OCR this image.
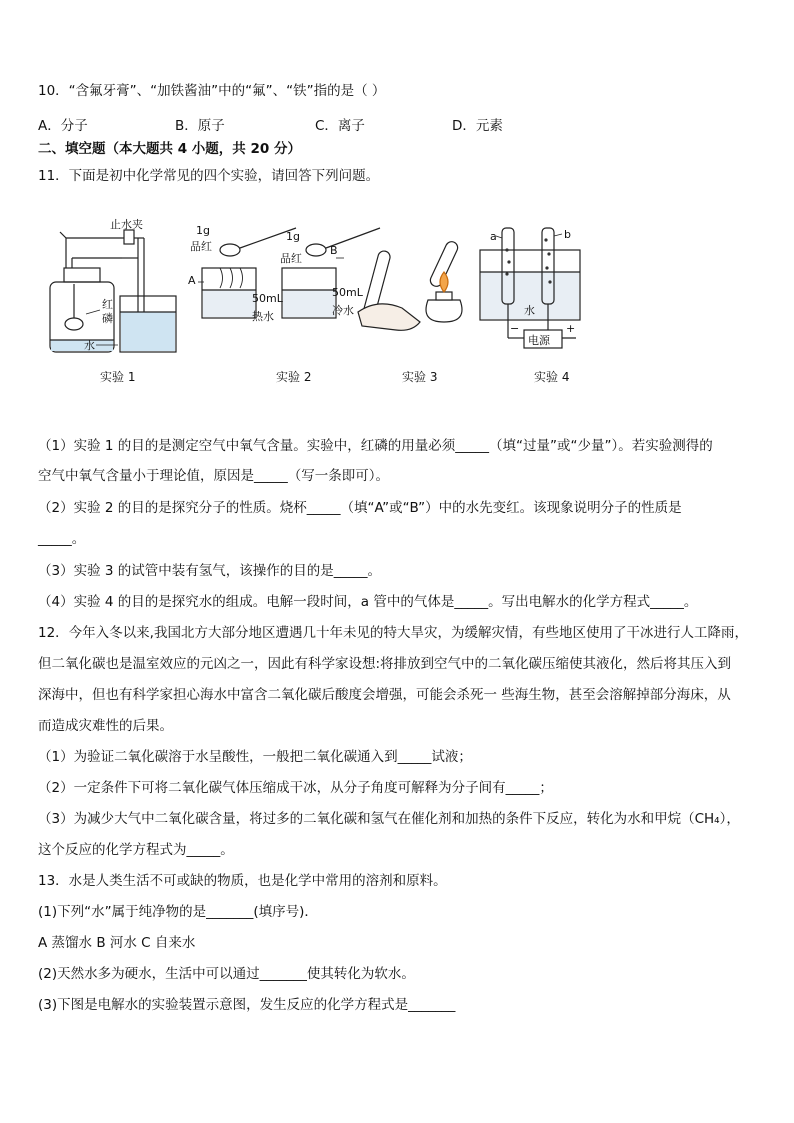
10．“含氟牙膏”、“加铁酱油”中的“氟”、“铁”指的是（ ）
A．分子	B．原子	C．离子	D．元素
二、填空题（本大题共 4 小题，共 20 分）
11．下面是初中化学常见的四个实验，请回答下列问题。
止水夹
红
磷
水
1g
品红
1g
品红
A
B
50mL
热水
50mL
冷水
a	b
电源
−	+
水
实验 1	实验 2	实验 3	实验 4
（1）实验 1 的目的是测定空气中氧气含量。实验中，红磷的用量必须_____（填“过量”或“少量”）。若实验测得的
空气中氧气含量小于理论值，原因是_____（写一条即可）。
（2）实验 2 的目的是探究分子的性质。烧杯_____（填“A”或“B”）中的水先变红。该现象说明分子的性质是
_____。
（3）实验 3 的试管中装有氢气，该操作的目的是_____。
（4）实验 4 的目的是探究水的组成。电解一段时间，a 管中的气体是_____。写出电解水的化学方程式_____。
12．今年入冬以来,我国北方大部分地区遭遇几十年未见的特大旱灾，为缓解灾情，有些地区使用了干冰进行人工降雨，
但二氧化碳也是温室效应的元凶之一，因此有科学家设想:将排放到空气中的二氧化碳压缩使其液化，然后将其压入到
深海中，但也有科学家担心海水中富含二氧化碳后酸度会增强，可能会杀死一 些海生物，甚至会溶解掉部分海床，从
而造成灾难性的后果。
（1）为验证二氧化碳溶于水呈酸性，一般把二氧化碳通入到_____试液；
（2）一定条件下可将二氧化碳气体压缩成干冰，从分子角度可解释为分子间有_____；
（3）为减少大气中二氧化碳含量，将过多的二氧化碳和氢气在催化剂和加热的条件下反应，转化为水和甲烷（CH₄），
这个反应的化学方程式为_____。
13．水是人类生活不可或缺的物质，也是化学中常用的溶剂和原料。
(1)下列“水”属于纯净物的是_______(填序号)．
A 蒸馏水 B 河水 C 自来水
(2)天然水多为硬水，生活中可以通过_______使其转化为软水。
(3)下图是电解水的实验装置示意图，发生反应的化学方程式是_______
